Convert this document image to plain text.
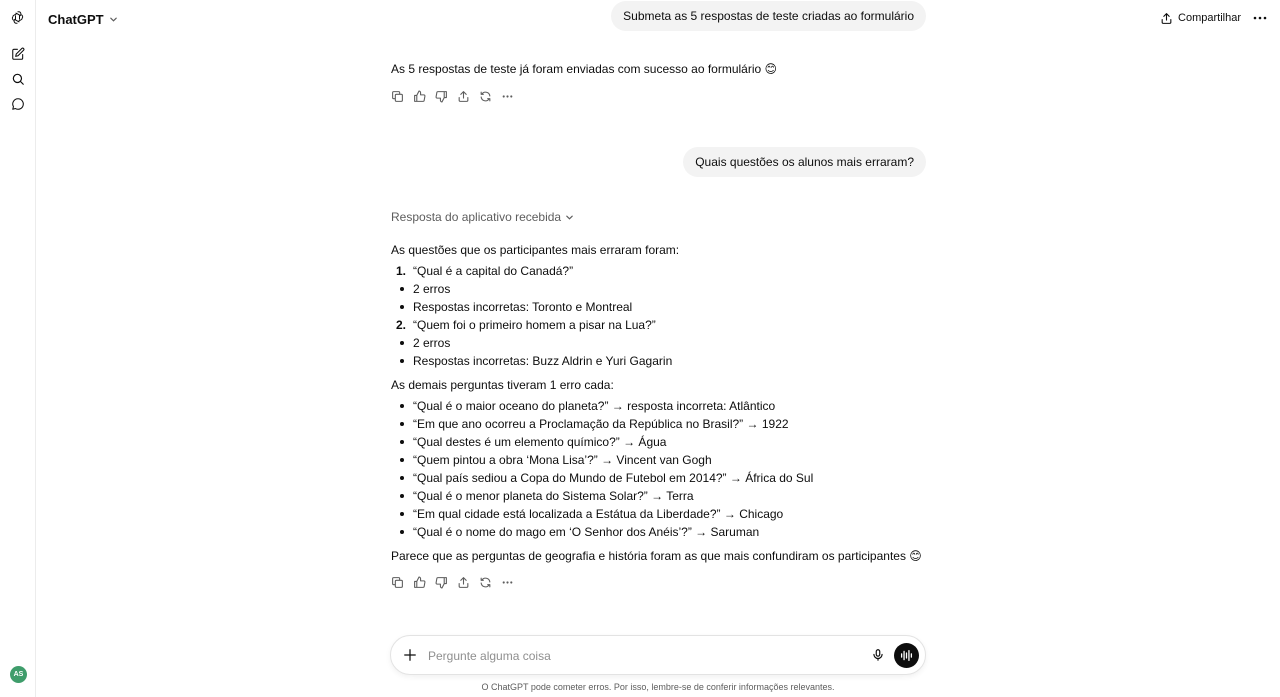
AS
ChatGPT	Compartilhar
Submeta as 5 respostas de teste criadas ao formulário
As 5 respostas de teste já foram enviadas com sucesso ao formulário 😊
Quais questões os alunos mais erraram?
Resposta do aplicativo recebida
As questões que os participantes mais erraram foram:
1. “Qual é a capital do Canadá?”
2 erros
Respostas incorretas: Toronto e Montreal
2. “Quem foi o primeiro homem a pisar na Lua?”
2 erros
Respostas incorretas: Buzz Aldrin e Yuri Gagarin
As demais perguntas tiveram 1 erro cada:
“Qual é o maior oceano do planeta?” → resposta incorreta: Atlântico
“Em que ano ocorreu a Proclamação da República no Brasil?” → 1922
“Qual destes é um elemento químico?” → Água
“Quem pintou a obra ‘Mona Lisa’?” → Vincent van Gogh
“Qual país sediou a Copa do Mundo de Futebol em 2014?” → África do Sul
“Qual é o menor planeta do Sistema Solar?” → Terra
“Em qual cidade está localizada a Estátua da Liberdade?” → Chicago
“Qual é o nome do mago em ‘O Senhor dos Anéis’?” → Saruman
Parece que as perguntas de geografia e história foram as que mais confundiram os participantes 😊
Pergunte alguma coisa
O ChatGPT pode cometer erros. Por isso, lembre-se de conferir informações relevantes.
